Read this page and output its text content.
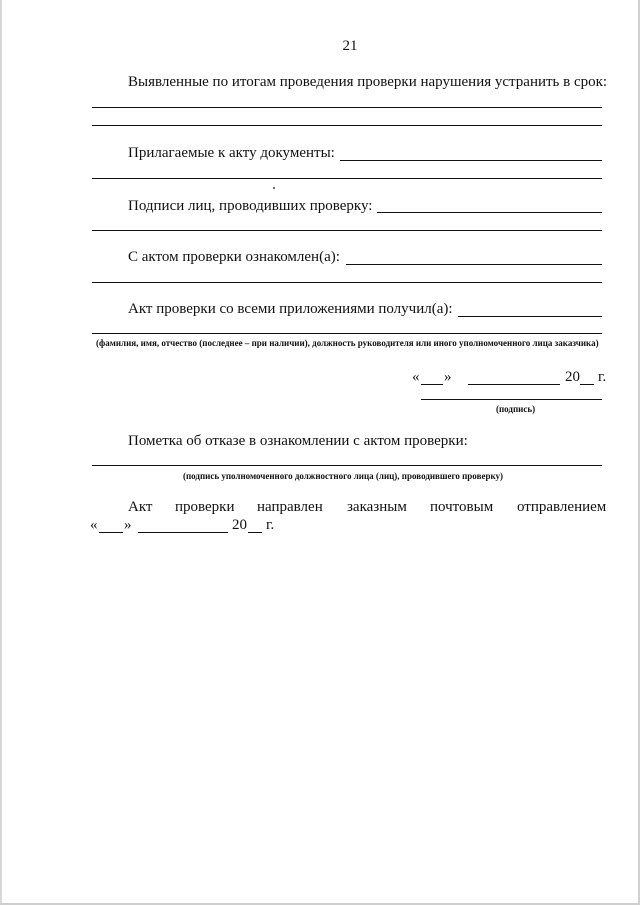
21
Выявленные по итогам проведения проверки нарушения устранить в срок:
Прилагаемые к акту документы:
Подписи лиц, проводивших проверку:
С актом проверки ознакомлен(а):
Акт проверки со всеми приложениями получил(а):
(фамилия, имя, отчество (последнее – при наличии), должность руководителя или иного уполномоченного лица заказчика)
« »	20 г.
(подпись)
Пометка об отказе в ознакомлении с актом проверки:
(подпись уполномоченного должностного лица (лиц), проводившего проверку)
Акт проверки направлен заказным почтовым отправлением
« »	20 г.
